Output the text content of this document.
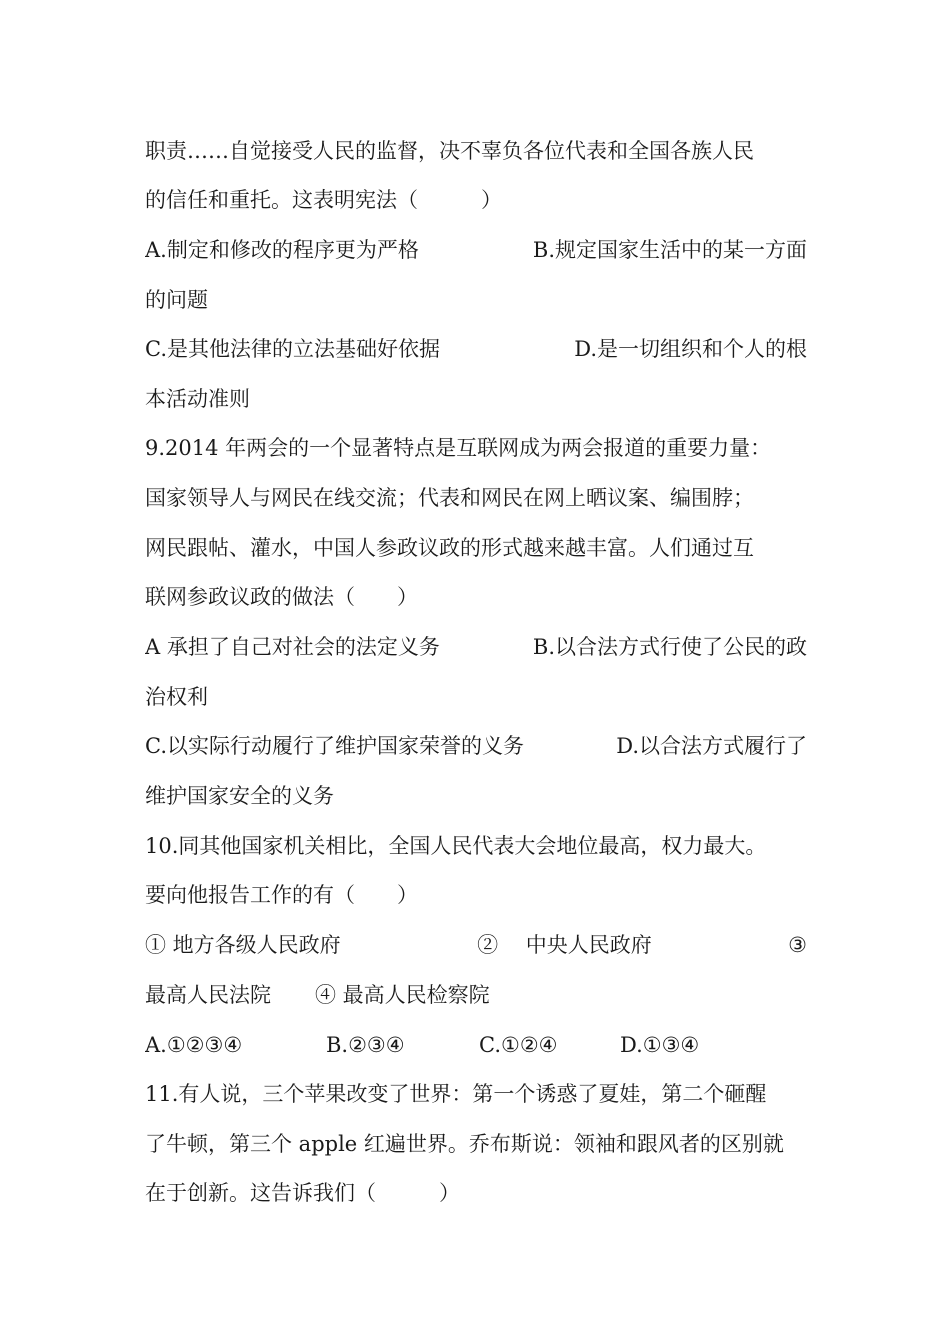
职责……自觉接受人民的监督，决不辜负各位代表和全国各族人民
的信任和重托。这表明宪法（　　　）
A.制定和修改的程序更为严格	B.规定国家生活中的某一方面
的问题
C.是其他法律的立法基础好依据	D.是一切组织和个人的根
本活动准则
9.2014 年两会的一个显著特点是互联网成为两会报道的重要力量：
国家领导人与网民在线交流；代表和网民在网上晒议案、编围脖；
网民跟帖、灌水，中国人参政议政的形式越来越丰富。人们通过互
联网参政议政的做法（　　）
A 承担了自己对社会的法定义务	B.以合法方式行使了公民的政
治权利
C.以实际行动履行了维护国家荣誉的义务	D.以合法方式履行了
维护国家安全的义务
10.同其他国家机关相比，全国人民代表大会地位最高，权力最大。
要向他报告工作的有（　　）
① 地方各级人民政府	②　 中央人民政府	③
最高人民法院 ④ 最高人民检察院
A.①②③④	B.②③④	C.①②④	D.①③④
11.有人说，三个苹果改变了世界：第一个诱惑了夏娃，第二个砸醒
了牛顿，第三个 apple 红遍世界。乔布斯说：领袖和跟风者的区别就
在于创新。这告诉我们（　　　）
